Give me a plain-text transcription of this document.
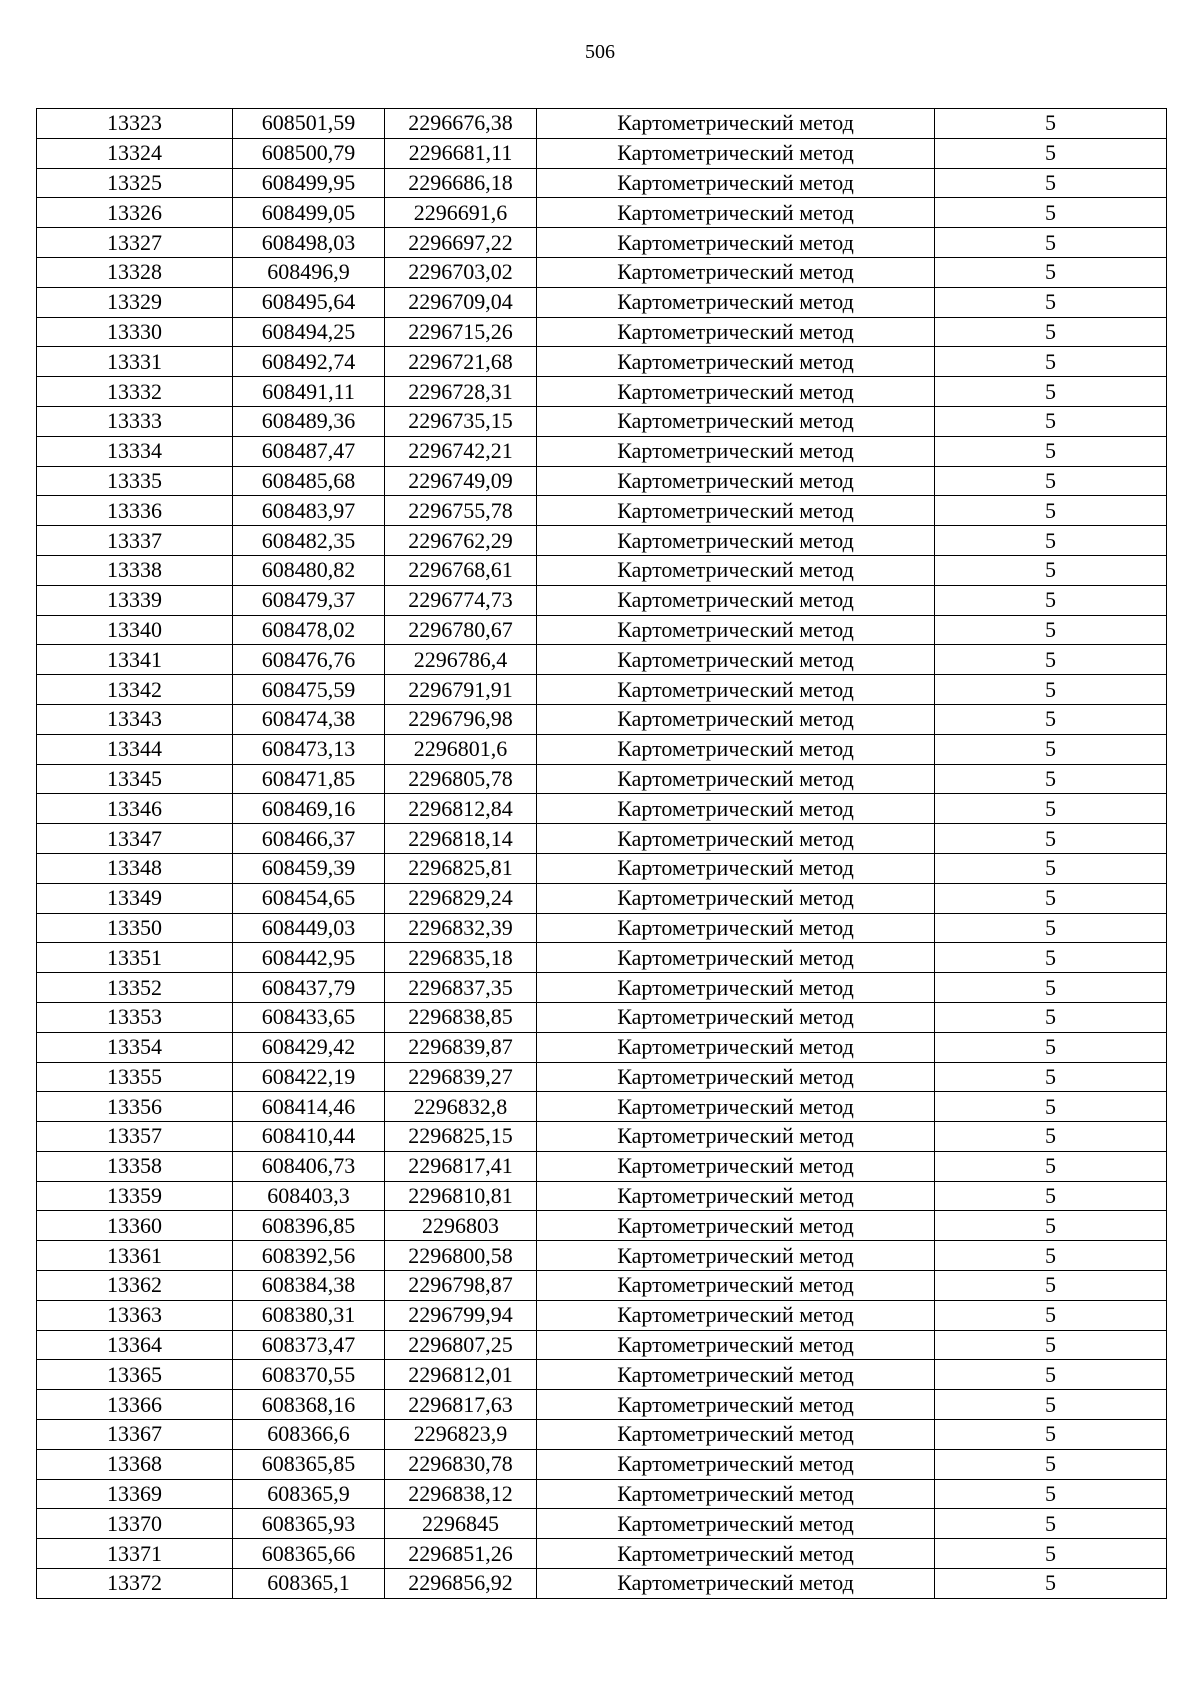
506
13323	608501,59	2296676,38	Картометрический метод	5
13324	608500,79	2296681,11	Картометрический метод	5
13325	608499,95	2296686,18	Картометрический метод	5
13326	608499,05	2296691,6	Картометрический метод	5
13327	608498,03	2296697,22	Картометрический метод	5
13328	608496,9	2296703,02	Картометрический метод	5
13329	608495,64	2296709,04	Картометрический метод	5
13330	608494,25	2296715,26	Картометрический метод	5
13331	608492,74	2296721,68	Картометрический метод	5
13332	608491,11	2296728,31	Картометрический метод	5
13333	608489,36	2296735,15	Картометрический метод	5
13334	608487,47	2296742,21	Картометрический метод	5
13335	608485,68	2296749,09	Картометрический метод	5
13336	608483,97	2296755,78	Картометрический метод	5
13337	608482,35	2296762,29	Картометрический метод	5
13338	608480,82	2296768,61	Картометрический метод	5
13339	608479,37	2296774,73	Картометрический метод	5
13340	608478,02	2296780,67	Картометрический метод	5
13341	608476,76	2296786,4	Картометрический метод	5
13342	608475,59	2296791,91	Картометрический метод	5
13343	608474,38	2296796,98	Картометрический метод	5
13344	608473,13	2296801,6	Картометрический метод	5
13345	608471,85	2296805,78	Картометрический метод	5
13346	608469,16	2296812,84	Картометрический метод	5
13347	608466,37	2296818,14	Картометрический метод	5
13348	608459,39	2296825,81	Картометрический метод	5
13349	608454,65	2296829,24	Картометрический метод	5
13350	608449,03	2296832,39	Картометрический метод	5
13351	608442,95	2296835,18	Картометрический метод	5
13352	608437,79	2296837,35	Картометрический метод	5
13353	608433,65	2296838,85	Картометрический метод	5
13354	608429,42	2296839,87	Картометрический метод	5
13355	608422,19	2296839,27	Картометрический метод	5
13356	608414,46	2296832,8	Картометрический метод	5
13357	608410,44	2296825,15	Картометрический метод	5
13358	608406,73	2296817,41	Картометрический метод	5
13359	608403,3	2296810,81	Картометрический метод	5
13360	608396,85	2296803	Картометрический метод	5
13361	608392,56	2296800,58	Картометрический метод	5
13362	608384,38	2296798,87	Картометрический метод	5
13363	608380,31	2296799,94	Картометрический метод	5
13364	608373,47	2296807,25	Картометрический метод	5
13365	608370,55	2296812,01	Картометрический метод	5
13366	608368,16	2296817,63	Картометрический метод	5
13367	608366,6	2296823,9	Картометрический метод	5
13368	608365,85	2296830,78	Картометрический метод	5
13369	608365,9	2296838,12	Картометрический метод	5
13370	608365,93	2296845	Картометрический метод	5
13371	608365,66	2296851,26	Картометрический метод	5
13372	608365,1	2296856,92	Картометрический метод	5
